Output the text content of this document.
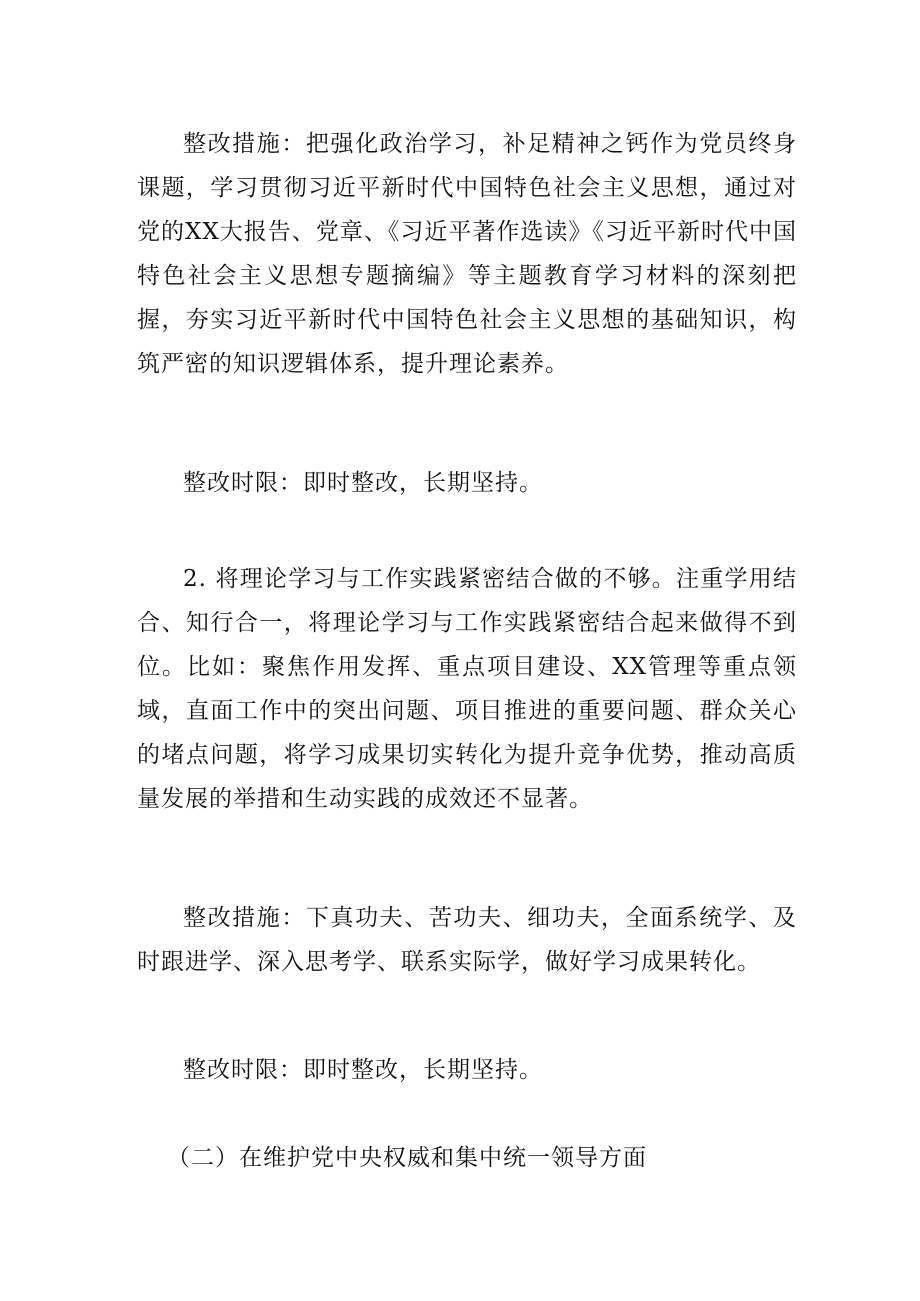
整改措施：把强化政治学习，补足精神之钙作为党员终身课题，学习贯彻习近平新时代中国特色社会主义思想，通过对党的XX大报告、党章、《习近平著作选读》《习近平新时代中国特色社会主义思想专题摘编》等主题教育学习材料的深刻把握，夯实习近平新时代中国特色社会主义思想的基础知识，构筑严密的知识逻辑体系，提升理论素养。

整改时限：即时整改，长期坚持。

2. 将理论学习与工作实践紧密结合做的不够。注重学用结合、知行合一，将理论学习与工作实践紧密结合起来做得不到位。比如：聚焦作用发挥、重点项目建设、XX管理等重点领域，直面工作中的突出问题、项目推进的重要问题、群众关心的堵点问题，将学习成果切实转化为提升竞争优势，推动高质量发展的举措和生动实践的成效还不显著。

整改措施：下真功夫、苦功夫、细功夫，全面系统学、及时跟进学、深入思考学、联系实际学，做好学习成果转化。

整改时限：即时整改，长期坚持。

（二）在维护党中央权威和集中统一领导方面
